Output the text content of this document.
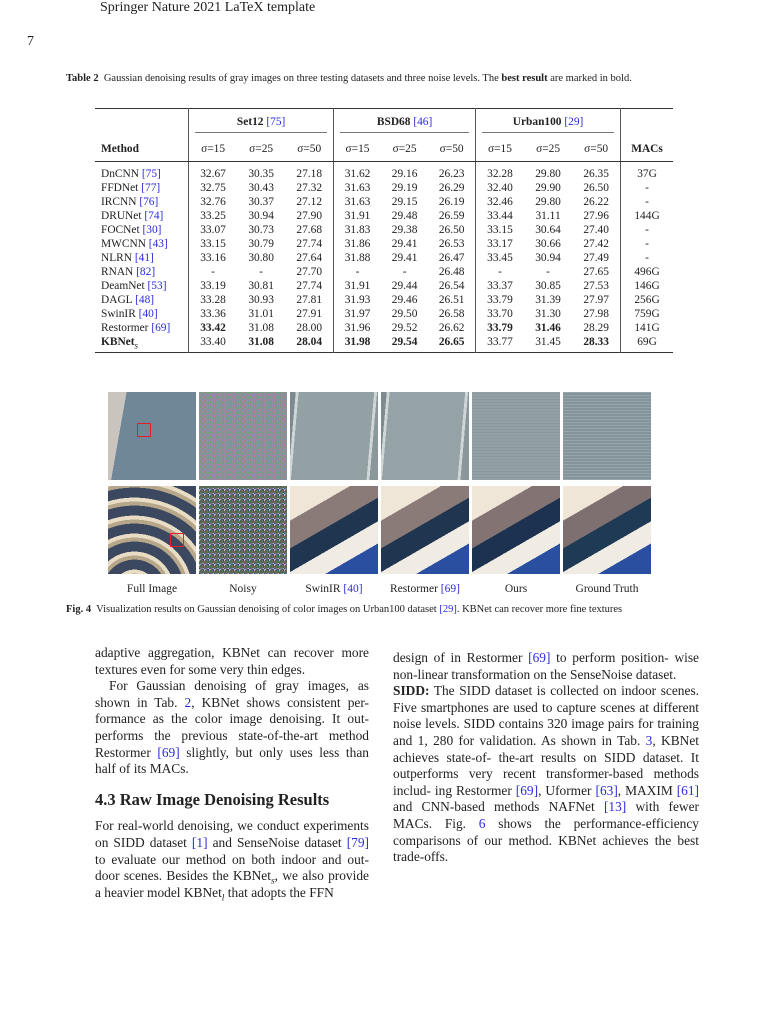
Springer Nature 2021 LaTeX template
7
Table 2 Gaussian denoising results of gray images on three testing datasets and three noise levels. The best result are marked in bold.

	Set12 [75]			BSD68 [46]			Urban100 [29]			

Method	σ=15	σ=25	σ=50	σ=15	σ=25	σ=50	σ=15	σ=25	σ=50	MACs
DnCNN [75]	32.67	30.35	27.18	31.62	29.16	26.23	32.28	29.80	26.35	37G
FFDNet [77]	32.75	30.43	27.32	31.63	29.19	26.29	32.40	29.90	26.50	-
IRCNN [76]	32.76	30.37	27.12	31.63	29.15	26.19	32.46	29.80	26.22	-
DRUNet [74]	33.25	30.94	27.90	31.91	29.48	26.59	33.44	31.11	27.96	144G
FOCNet [30]	33.07	30.73	27.68	31.83	29.38	26.50	33.15	30.64	27.40	-
MWCNN [43]	33.15	30.79	27.74	31.86	29.41	26.53	33.17	30.66	27.42	-
NLRN [41]	33.16	30.80	27.64	31.88	29.41	26.47	33.45	30.94	27.49	-
RNAN [82]	-	-	27.70	-	-	26.48	-	-	27.65	496G
DeamNet [53]	33.19	30.81	27.74	31.91	29.44	26.54	33.37	30.85	27.53	146G
DAGL [48]	33.28	30.93	27.81	31.93	29.46	26.51	33.79	31.39	27.97	256G
SwinIR [40]	33.36	31.01	27.91	31.97	29.50	26.58	33.70	31.30	27.98	759G
Restormer [69]	33.42	31.08	28.00	31.96	29.52	26.62	33.79	31.46	28.29	141G
KBNet$_s$	33.40	31.08	28.04	31.98	29.54	26.65	33.77	31.45	28.33	69G
Full Image	Noisy	SwinIR [40]	Restormer [69]	Ours	Ground Truth
Fig. 4 Visualization results on Gaussian denoising of color images on Urban100 dataset [29]. KBNet can recover more fine textures

adaptive aggregation, KBNet can recover more textures even for some very thin edges.

For Gaussian denoising of gray images, as shown in Tab. 2, KBNet shows consistent per- formance as the color image denoising. It out- performs the previous state-of-the-art method Restormer [69] slightly, but only uses less than half of its MACs.

4.3 Raw Image Denoising Results

For real-world denoising, we conduct experiments on SIDD dataset [1] and SenseNoise dataset [79] to evaluate our method on both indoor and out- door scenes. Besides the KBNet$_s$, we also provide a heavier model KBNet$_l$ that adopts the FFN

design of in Restormer [69] to perform position- wise non-linear transformation on the SenseNoise dataset.

SIDD: The SIDD dataset is collected on indoor scenes. Five smartphones are used to capture scenes at different noise levels. SIDD contains 320 image pairs for training and 1, 280 for validation. As shown in Tab. 3, KBNet achieves state-of- the-art results on SIDD dataset. It outperforms very recent transformer-based methods includ- ing Restormer [69], Uformer [63], MAXIM [61] and CNN-based methods NAFNet [13] with fewer MACs. Fig. 6 shows the performance-efficiency comparisons of our method. KBNet achieves the best trade-offs.
